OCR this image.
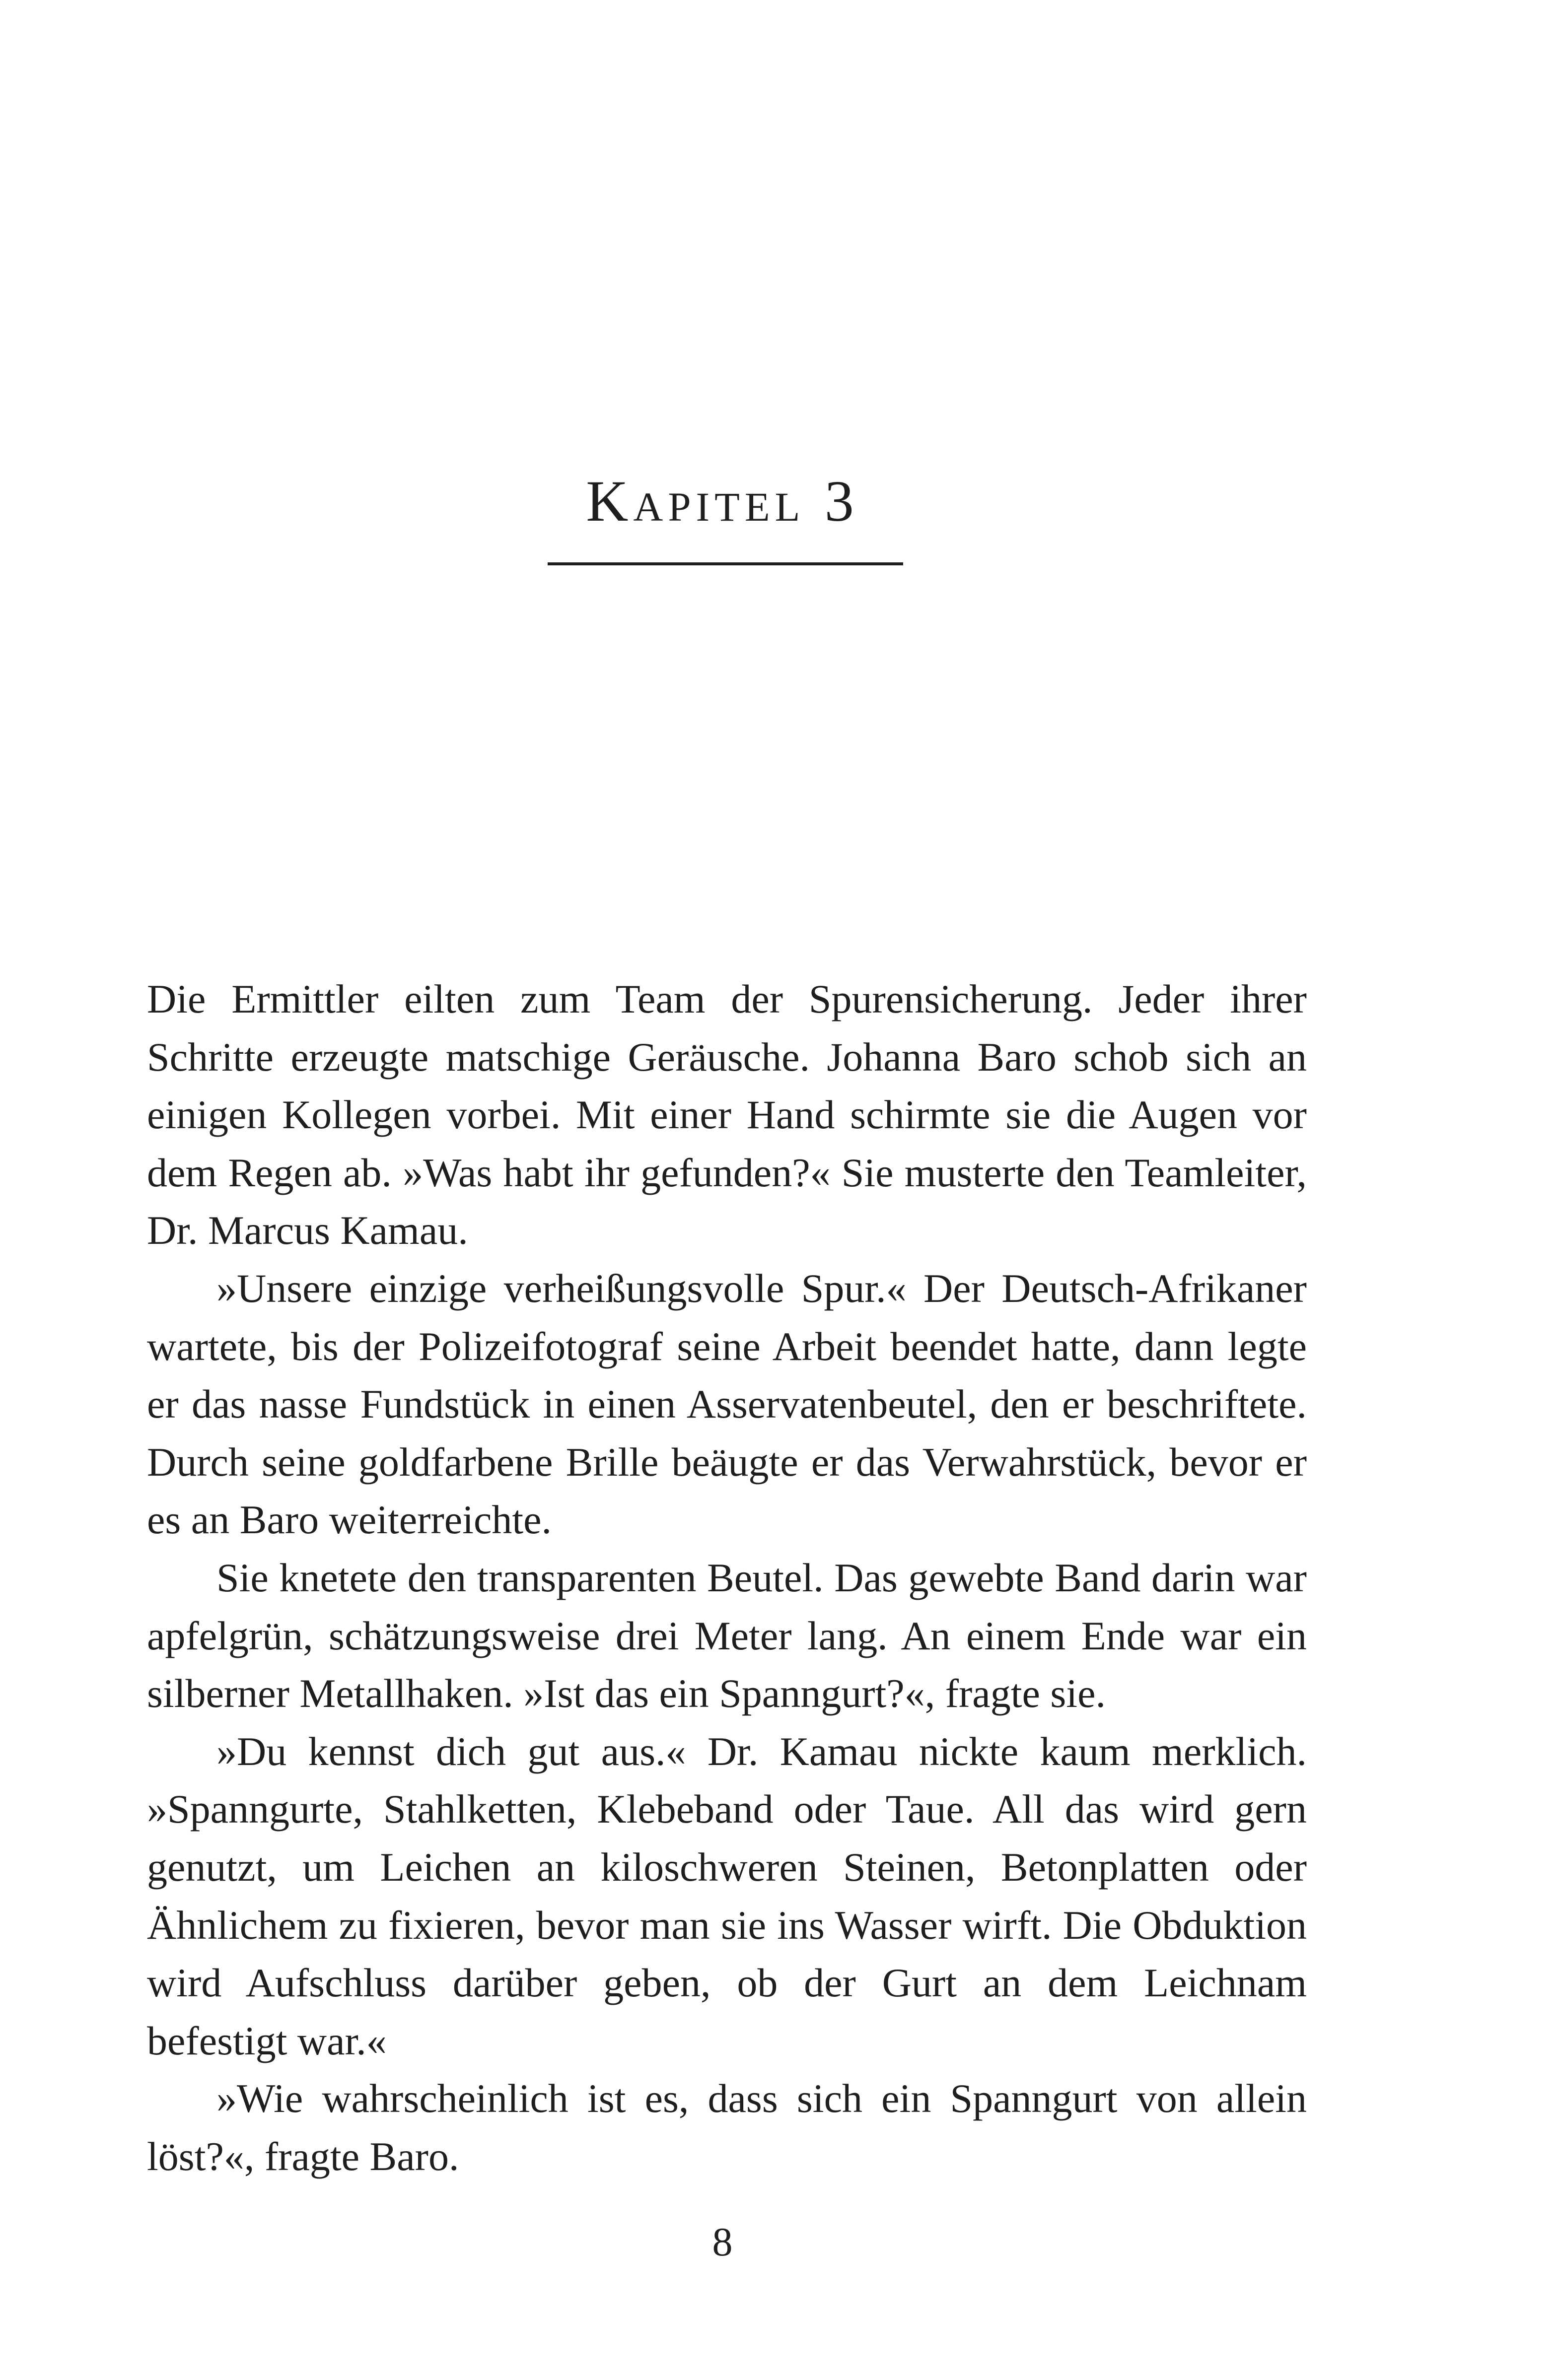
Kapitel 3

Die Ermittler eilten zum Team der Spurensicherung. Jeder ihrer Schritte erzeugte matschige Geräusche. Johanna Baro schob sich an einigen Kollegen vorbei. Mit einer Hand schirmte sie die Augen vor dem Regen ab. »Was habt ihr gefunden?« Sie musterte den Teamleiter, Dr. Marcus Kamau.

»Unsere einzige verheißungsvolle Spur.« Der Deutsch-Afrikaner wartete, bis der Polizeifotograf seine Arbeit beendet hatte, dann legte er das nasse Fundstück in einen Asservatenbeutel, den er beschriftete. Durch seine goldfarbene Brille beäugte er das Verwahrstück, bevor er es an Baro weiterreichte.

Sie knetete den transparenten Beutel. Das gewebte Band darin war apfelgrün, schätzungsweise drei Meter lang. An einem Ende war ein silberner Metallhaken. »Ist das ein Spanngurt?«, fragte sie.

»Du kennst dich gut aus.« Dr. Kamau nickte kaum merklich. »Spanngurte, Stahlketten, Klebeband oder Taue. All das wird gern genutzt, um Leichen an kiloschweren Steinen, Betonplatten oder Ähnlichem zu fixieren, bevor man sie ins Wasser wirft. Die Obduktion wird Aufschluss darüber geben, ob der Gurt an dem Leichnam befestigt war.«

»Wie wahrscheinlich ist es, dass sich ein Spanngurt von allein löst?«, fragte Baro.

8
